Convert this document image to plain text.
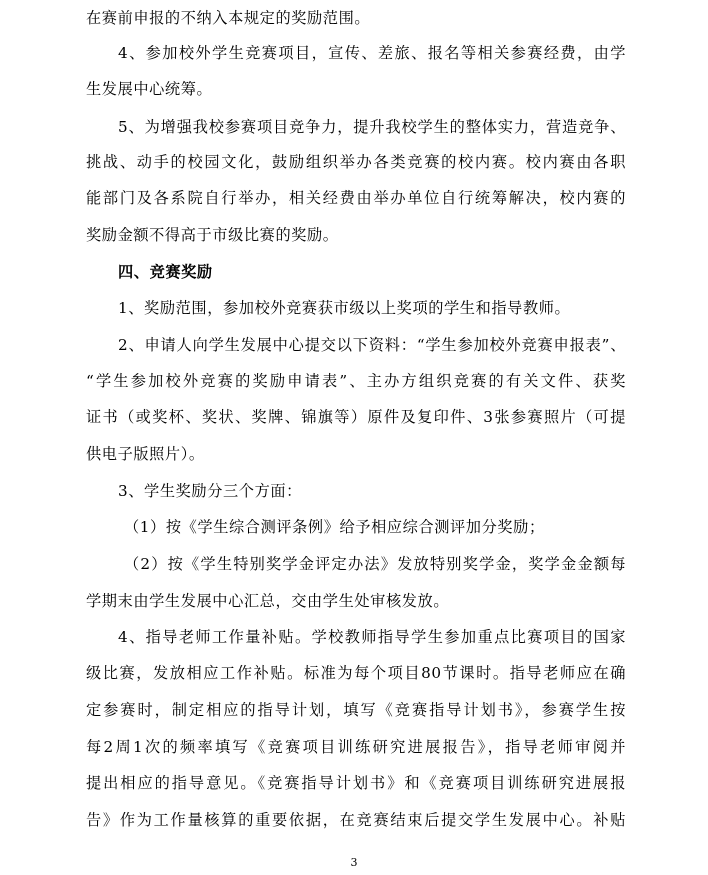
在赛前申报的不纳入本规定的奖励范围。
4、参加校外学生竞赛项目，宣传、差旅、报名等相关参赛经费，由学
生发展中心统筹。
5、为增强我校参赛项目竞争力，提升我校学生的整体实力，营造竞争、
挑战、动手的校园文化，鼓励组织举办各类竞赛的校内赛。校内赛由各职
能部门及各系院自行举办，相关经费由举办单位自行统筹解决，校内赛的
奖励金额不得高于市级比赛的奖励。
四、竞赛奖励
1、奖励范围，参加校外竞赛获市级以上奖项的学生和指导教师。
2、申请人向学生发展中心提交以下资料：“学生参加校外竞赛申报表”、
“学生参加校外竞赛的奖励申请表”、主办方组织竞赛的有关文件、获奖
证书（或奖杯、奖状、奖牌、锦旗等）原件及复印件、3张参赛照片（可提
供电子版照片）。
3、学生奖励分三个方面：
（1）按《学生综合测评条例》给予相应综合测评加分奖励；
（2）按《学生特别奖学金评定办法》发放特别奖学金，奖学金金额每
学期末由学生发展中心汇总，交由学生处审核发放。
4、指导老师工作量补贴。学校教师指导学生参加重点比赛项目的国家
级比赛，发放相应工作补贴。标准为每个项目80节课时。指导老师应在确
定参赛时，制定相应的指导计划，填写《竞赛指导计划书》，参赛学生按
每2周1次的频率填写《竞赛项目训练研究进展报告》，指导老师审阅并
提出相应的指导意见。《竞赛指导计划书》和《竞赛项目训练研究进展报
告》作为工作量核算的重要依据，在竞赛结束后提交学生发展中心。补贴
3
